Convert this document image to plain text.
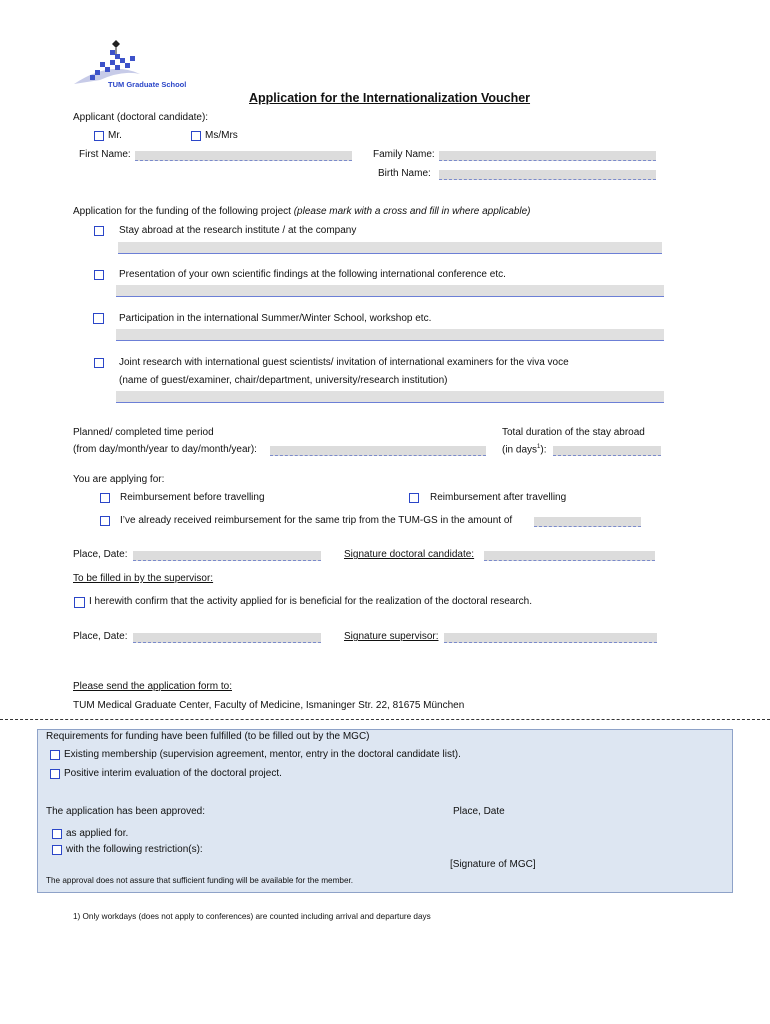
TUM Graduate School
Application for the Internationalization Voucher
Applicant (doctoral candidate):
Mr.	Ms/Mrs
First Name:	Family Name:
Birth Name:
Application for the funding of the following project (please mark with a cross and fill in where applicable)
Stay abroad at the research institute / at the company
Presentation of your own scientific findings at the following international conference etc.
Participation in the international Summer/Winter School, workshop etc.
Joint research with international guest scientists/ invitation of international examiners for the viva voce
(name of guest/examiner, chair/department, university/research institution)
Planned/ completed time period
(from day/month/year to day/month/year):
Total duration of the stay abroad
(in days$^1$):
You are applying for:
Reimbursement before travelling	Reimbursement after travelling
I’ve already received reimbursement for the same trip from the TUM-GS in the amount of
Place, Date:	Signature doctoral candidate:
To be filled in by the supervisor:
I herewith confirm that the activity applied for is beneficial for the realization of the doctoral research.
Place, Date:	Signature supervisor:
Please send the application form to:
TUM Medical Graduate Center, Faculty of Medicine, Ismaninger Str. 22, 81675 München
Requirements for funding have been fulfilled (to be filled out by the MGC)
Existing membership (supervision agreement, mentor, entry in the doctoral candidate list).
Positive interim evaluation of the doctoral project.
The application has been approved:	Place, Date
as applied for.
with the following restriction(s):
[Signature of MGC]
The approval does not assure that sufficient funding will be available for the member.
1) Only workdays (does not apply to conferences) are counted including arrival and departure days
